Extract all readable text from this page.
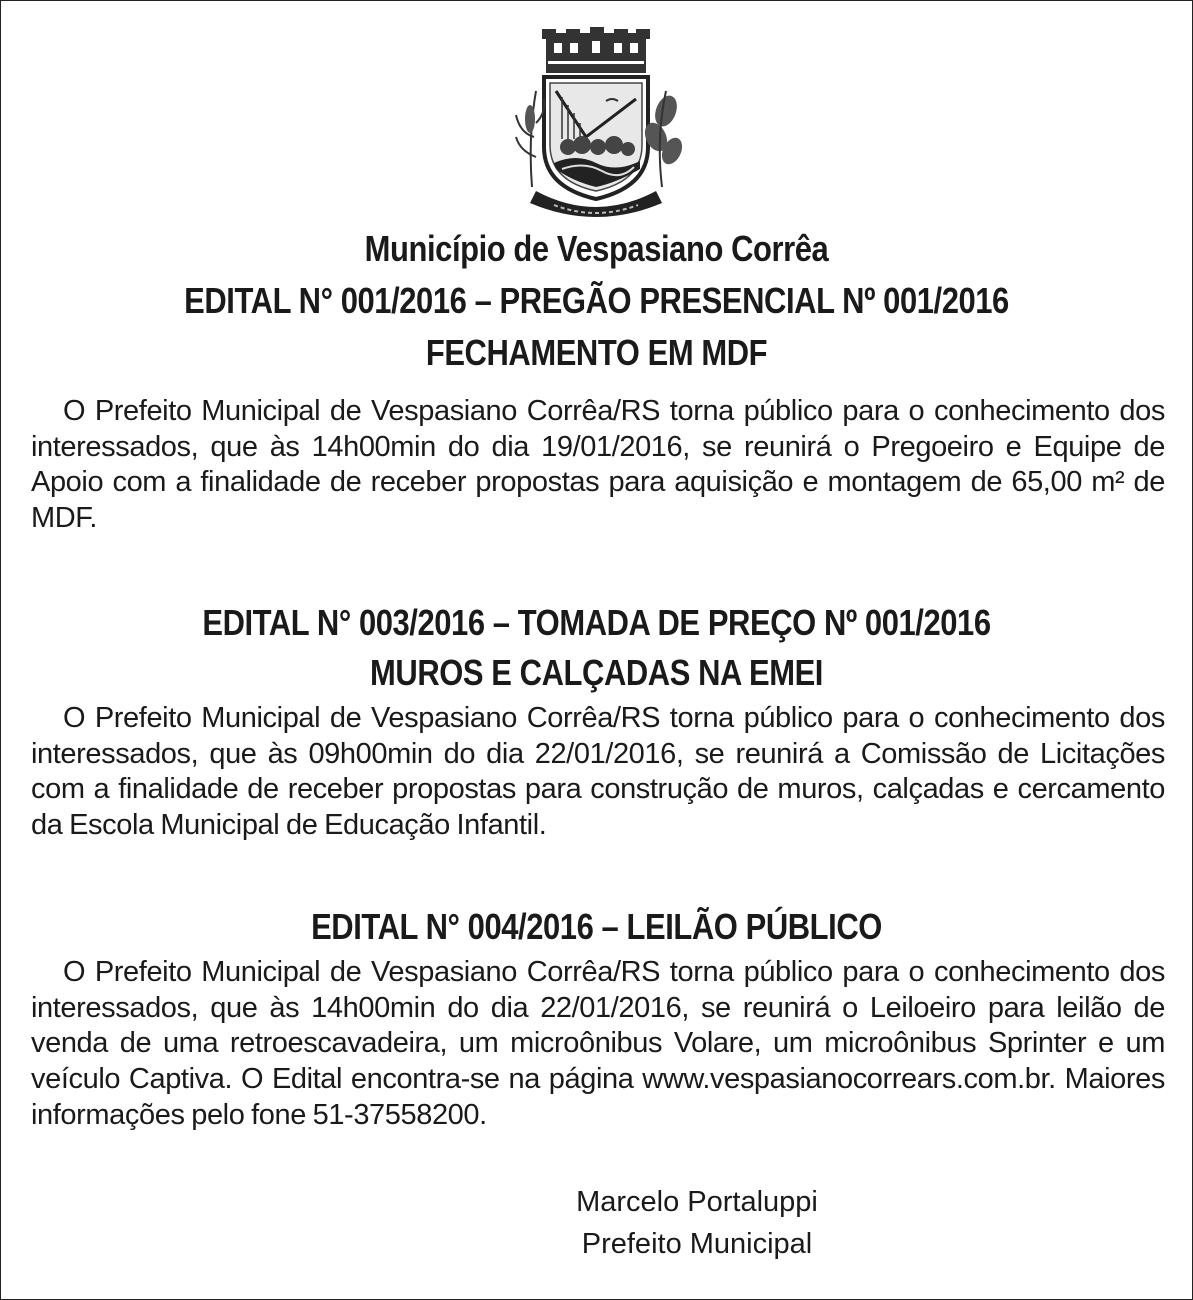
Município de Vespasiano Corrêa
EDITAL N° 001/2016 – PREGÃO PRESENCIAL Nº 001/2016
FECHAMENTO EM MDF
O Prefeito Municipal de Vespasiano Corrêa/RS torna público para o conhecimento dos interessados, que às 14h00min do dia 19/01/2016, se reunirá o Pregoeiro e Equipe de Apoio com a finalidade de receber propostas para aquisição e montagem de 65,00 m² de MDF.
EDITAL N° 003/2016 – TOMADA DE PREÇO Nº 001/2016
MUROS E CALÇADAS NA EMEI
O Prefeito Municipal de Vespasiano Corrêa/RS torna público para o conhecimento dos interessados, que às 09h00min do dia 22/01/2016, se reunirá a Comissão de Licitações com a finalidade de receber propostas para construção de muros, calçadas e cercamento da Escola Municipal de Educação Infantil.
EDITAL N° 004/2016 – LEILÃO PÚBLICO
O Prefeito Municipal de Vespasiano Corrêa/RS torna público para o conhecimento dos interessados, que às 14h00min do dia 22/01/2016, se reunirá o Leiloeiro para leilão de venda de uma retroescavadeira, um microônibus Volare, um microônibus Sprinter e um veículo Captiva. O Edital encontra-se na página www.vespasianocorrears.com.br. Maiores informações pelo fone 51-37558200.
Marcelo Portaluppi
Prefeito Municipal
